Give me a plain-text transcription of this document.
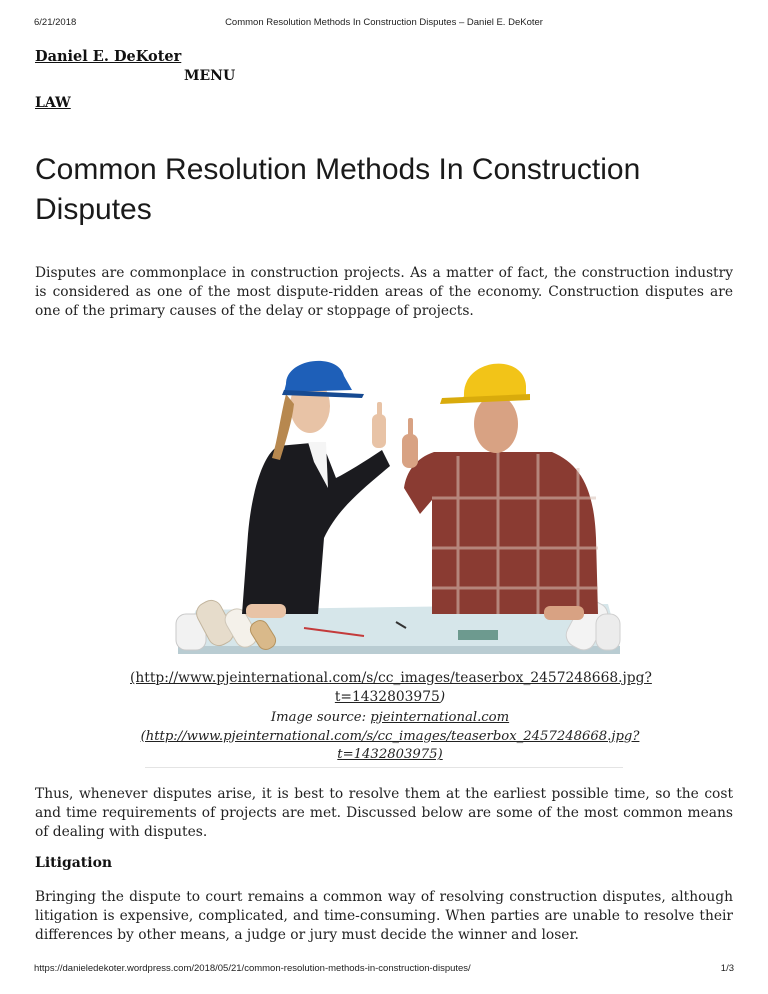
6/21/2018	Common Resolution Methods In Construction Disputes – Daniel E. DeKoter
Daniel E. DeKoter
MENU
LAW
Common Resolution Methods In Construction Disputes

Disputes are commonplace in construction projects. As a matter of fact, the construction industry is considered as one of the most dispute-ridden areas of the economy. Construction disputes are one of the primary causes of the delay or stoppage of projects.

(http://www.pjeinternational.com/s/cc_images/teaserbox_2457248668.jpg?
t=1432803975)
Image source: pjeinternational.com
(http://www.pjeinternational.com/s/cc_images/teaserbox_2457248668.jpg?
t=1432803975)

Thus, whenever disputes arise, it is best to resolve them at the earliest possible time, so the cost and time requirements of projects are met. Discussed below are some of the most common means of dealing with disputes.

Litigation

Bringing the dispute to court remains a common way of resolving construction disputes, although litigation is expensive, complicated, and time-consuming. When parties are unable to resolve their differences by other means, a judge or jury must decide the winner and loser.

https://danieledekoter.wordpress.com/2018/05/21/common-resolution-methods-in-construction-disputes/	1/3
